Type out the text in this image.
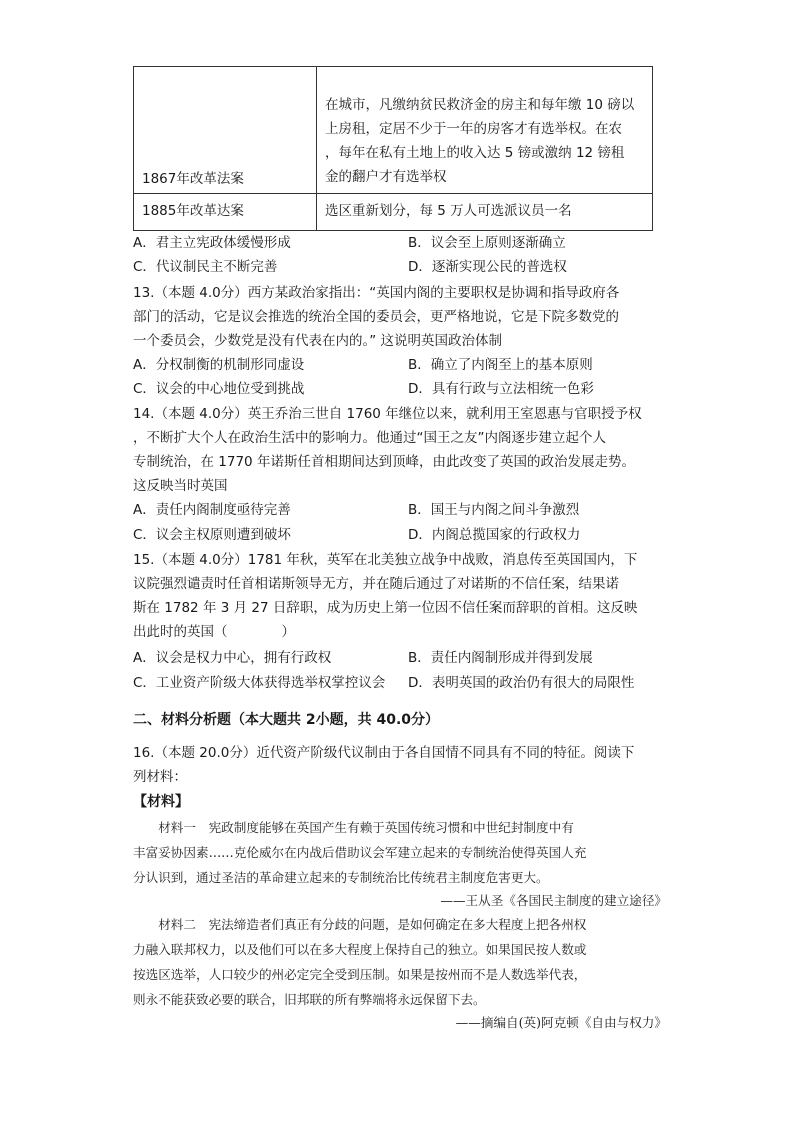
1867年改革法案	在城市，凡缴纳贫民救济金的房主和每年缴 10 磅以
上房租，定居不少于一年的房客才有选举权。在农
，每年在私有土地上的收入达 5 镑或激纳 12 镑租
金的翻户才有选举权

1885年改革达案	选区重新划分，每 5 万人可选派议员一名
A．君主立宪政体缓慢形成	B．议会至上原则逐渐确立
C．代议制民主不断完善	D．逐渐实现公民的普选权
13.（本题 4.0分）西方某政治家指出：“英国内阁的主要职权是协调和指导政府各
部门的活动，它是议会推选的统治全国的委员会，更严格地说，它是下院多数党的
一个委员会，少数党是没有代表在内的。” 这说明英国政治体制
A．分权制衡的机制形同虚设	B．确立了内阁至上的基本原则
C．议会的中心地位受到挑战	D．具有行政与立法相统一色彩
14.（本题 4.0分）英王乔治三世自 1760 年继位以来，就利用王室恩惠与官职授予权
，不断扩大个人在政治生活中的影响力。他通过“国王之友”内阁逐步建立起个人
专制统治，在 1770 年诺斯任首相期间达到顶峰，由此改变了英国的政治发展走势。
这反映当时英国
A．责任内阁制度亟待完善	B．国王与内阁之间斗争激烈
C．议会主权原则遭到破坏	D．内阁总揽国家的行政权力
15.（本题 4.0分）1781 年秋，英军在北美独立战争中战败，消息传至英国国内，下
议院强烈谴责时任首相诺斯领导无方，并在随后通过了对诺斯的不信任案，结果诺
斯在 1782 年 3 月 27 日辞职，成为历史上第一位因不信任案而辞职的首相。这反映
出此时的英国（　　　　）
A．议会是权力中心，拥有行政权	B．责任内阁制形成并得到发展
C．工业资产阶级大体获得选举权掌控议会 D．表明英国的政治仍有很大的局限性
二、材料分析题（本大题共 2小题，共 40.0分）
16.（本题 20.0分）近代资产阶级代议制由于各自国情不同具有不同的特征。阅读下
列材料：
【材料】
　　材料一　宪政制度能够在英国产生有赖于英国传统习惯和中世纪封制度中有
丰富妥协因素……克伦威尔在内战后借助议会军建立起来的专制统治使得英国人充
分认识到，通过圣洁的革命建立起来的专制统治比传统君主制度危害更大。
——王从圣《各国民主制度的建立途径》
　　材料二　宪法缔造者们真正有分歧的问题，是如何确定在多大程度上把各州权
力融入联邦权力，以及他们可以在多大程度上保持自己的独立。如果国民按人数或
按选区选举，人口较少的州必定完全受到压制。如果是按州而不是人数选举代表，
则永不能获致必要的联合，旧邦联的所有弊端将永远保留下去。
——摘编自(英)阿克顿《自由与权力》
